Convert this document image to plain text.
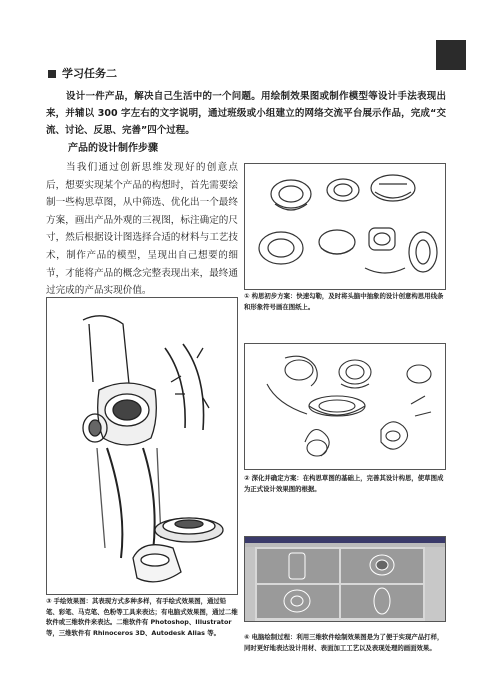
学习任务二
设计一件产品，解决自己生活中的一个问题。用绘制效果图或制作模型等设计手法表现出来，并辅以 300 字左右的文字说明，通过班级或小组建立的网络交流平台展示作品，完成“交流、讨论、反思、完善”四个过程。
产品的设计制作步骤
当我们通过创新思维发现好的创意点后，想要实现某个产品的构想时，首先需要绘制一些构思草图，从中筛选、优化出一个最终方案，画出产品外观的三视图，标注确定的尺寸，然后根据设计图选择合适的材料与工艺技术，制作产品的模型，呈现出自己想要的细节，才能将产品的概念完整表现出来，最终通过完成的产品实现价值。	① 构思初步方案：快速勾勒，及时将头脑中抽象的设计创意构思用线条和形象符号画在图纸上。
② 深化并确定方案：在构思草图的基础上，完善其设计构思，使草图成为正式设计效果图的根据。
③ 手绘效果图：其表现方式多种多样，有手绘式效果图，通过铅笔、彩笔、马克笔、色粉等工具来表达；有电脑式效果图，通过二维软件或三维软件来表达。二维软件有 Photoshop、Illustrator 等，三维软件有 Rhinoceros 3D、Autodesk Alias 等。
④ 电脑绘制过程：利用三维软件绘制效果图是为了便于实现产品打样，同时更好地表达设计用材、表面加工工艺以及表现处理的画面效果。
